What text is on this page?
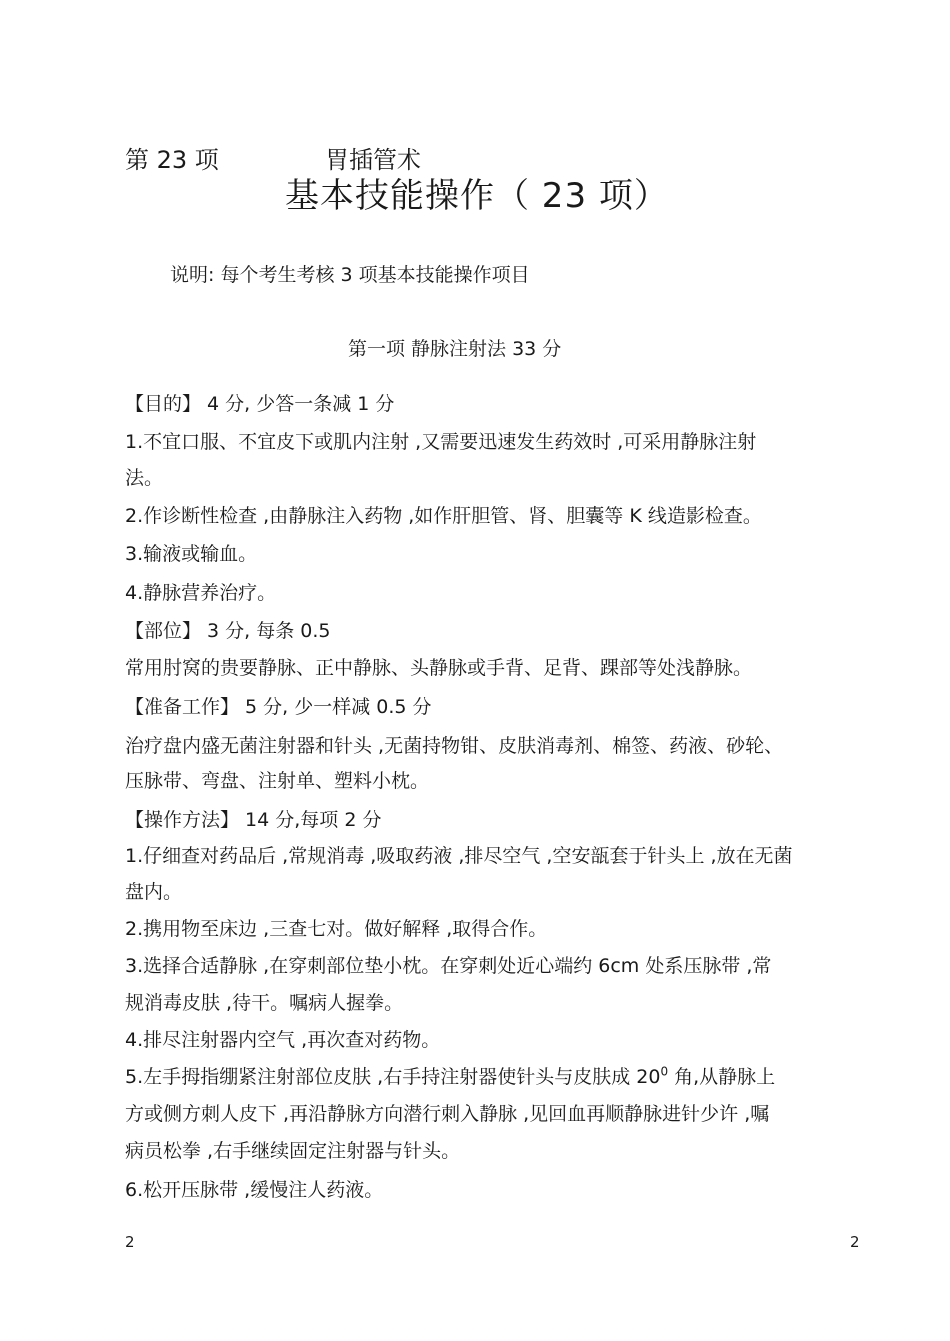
第 23 项	胃插管术
基本技能操作（ 23 项）
说明: 每个考生考核 3 项基本技能操作项目
第一项 静脉注射法 33 分
【目的】 4 分, 少答一条减 1 分
1.不宜口服、不宜皮下或肌内注射 ,又需要迅速发生药效时 ,可采用静脉注射
法。
2.作诊断性检查 ,由静脉注入药物 ,如作肝胆管、肾、胆囊等 K 线造影检查。
3.输液或输血。
4.静脉营养治疗。
【部位】 3 分, 每条 0.5
常用肘窝的贵要静脉、正中静脉、头静脉或手背、足背、踝部等处浅静脉。
【准备工作】 5 分, 少一样减 0.5 分
治疗盘内盛无菌注射器和针头 ,无菌持物钳、皮肤消毒剂、棉签、药液、砂轮、
压脉带、弯盘、注射单、塑料小枕。
【操作方法】 14 分,每项 2 分
1.仔细查对药品后 ,常规消毒 ,吸取药液 ,排尽空气 ,空安瓿套于针头上 ,放在无菌
盘内。
2.携用物至床边 ,三查七对。做好解释 ,取得合作。
3.选择合适静脉 ,在穿刺部位垫小枕。在穿刺处近心端约 6cm 处系压脉带 ,常
规消毒皮肤 ,待干。嘱病人握拳。
4.排尽注射器内空气 ,再次查对药物。
5.左手拇指绷紧注射部位皮肤 ,右手持注射器使针头与皮肤成 $20^0$ 角,从静脉上
方或侧方刺人皮下 ,再沿静脉方向潜行刺入静脉 ,见回血再顺静脉进针少许 ,嘱
病员松拳 ,右手继续固定注射器与针头。
6.松开压脉带 ,缓慢注人药液。
2	2
